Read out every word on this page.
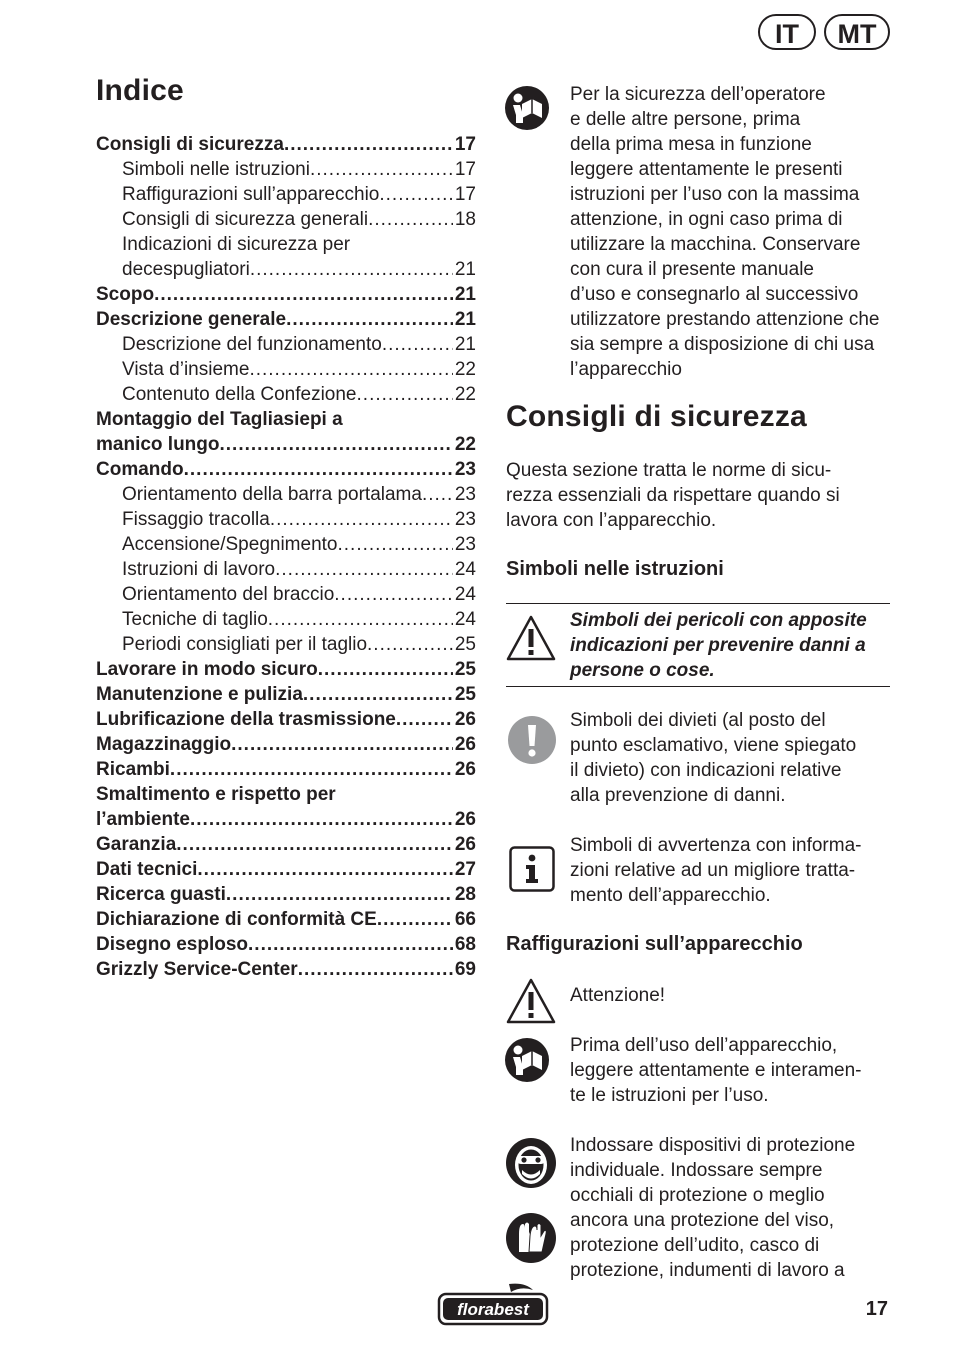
IT	MT
Indice
Consigli di sicurezza .....	17
Simboli nelle istruzioni .....	17
Raffigurazioni sull’apparecchio .....	17
Consigli di sicurezza generali .....	18
Indicazioni di sicurezza per
decespugliatori .....	21
Scopo .....	21
Descrizione generale .....	21
Descrizione del funzionamento .....	21
Vista d’insieme .....	22
Contenuto della Confezione .....	22
Montaggio del Tagliasiepi a
manico lungo .....	22
Comando .....	23
Orientamento della barra portalama ..... 23
Fissaggio tracolla .....	23
Accensione/Spegnimento .....	23
Istruzioni di lavoro .....	24
Orientamento del braccio .....	24
Tecniche di taglio .....	24
Periodi consigliati per il taglio .....	25
Lavorare in modo sicuro .....	25
Manutenzione e pulizia .....	25
Lubrificazione della trasmissione .....	26
Magazzinaggio .....	26
Ricambi .....	26
Smaltimento e rispetto per
l’ambiente .....	26
Garanzia .....	26
Dati tecnici .....	27
Ricerca guasti .....	28
Dichiarazione di conformità CE .....	66
Disegno esploso .....	68
Grizzly Service-Center .....	69
Per la sicurezza dell’operatore
e delle altre persone, prima
della prima mesa in funzione
leggere attentamente le presenti
istruzioni per l’uso con la massima
attenzione, in ogni caso prima di
utilizzare la macchina. Conservare
con cura il presente manuale
d’uso e consegnarlo al successivo
utilizzatore prestando attenzione che
sia sempre a disposizione di chi usa
l’apparecchio
Consigli di sicurezza
Questa sezione tratta le norme di sicu-
rezza essenziali da rispettare quando si
lavora con l’apparecchio.
Simboli nelle istruzioni
Simboli dei pericoli con apposite
indicazioni per prevenire danni a
persone o cose.
Simboli dei divieti (al posto del
punto esclamativo, viene spiegato
il divieto) con indicazioni relative
alla prevenzione di danni.
Simboli di avvertenza con informa-
zioni relative ad un migliore tratta-
mento dell’apparecchio.
Raffigurazioni sull’apparecchio
Attenzione!
Prima dell’uso dell’apparecchio,
leggere attentamente e interamen-
te le istruzioni per l’uso.
Indossare dispositivi di protezione
individuale. Indossare sempre
occhiali di protezione o meglio
ancora una protezione del viso,
protezione dell’udito, casco di
protezione, indumenti di lavoro a
florabest	17
